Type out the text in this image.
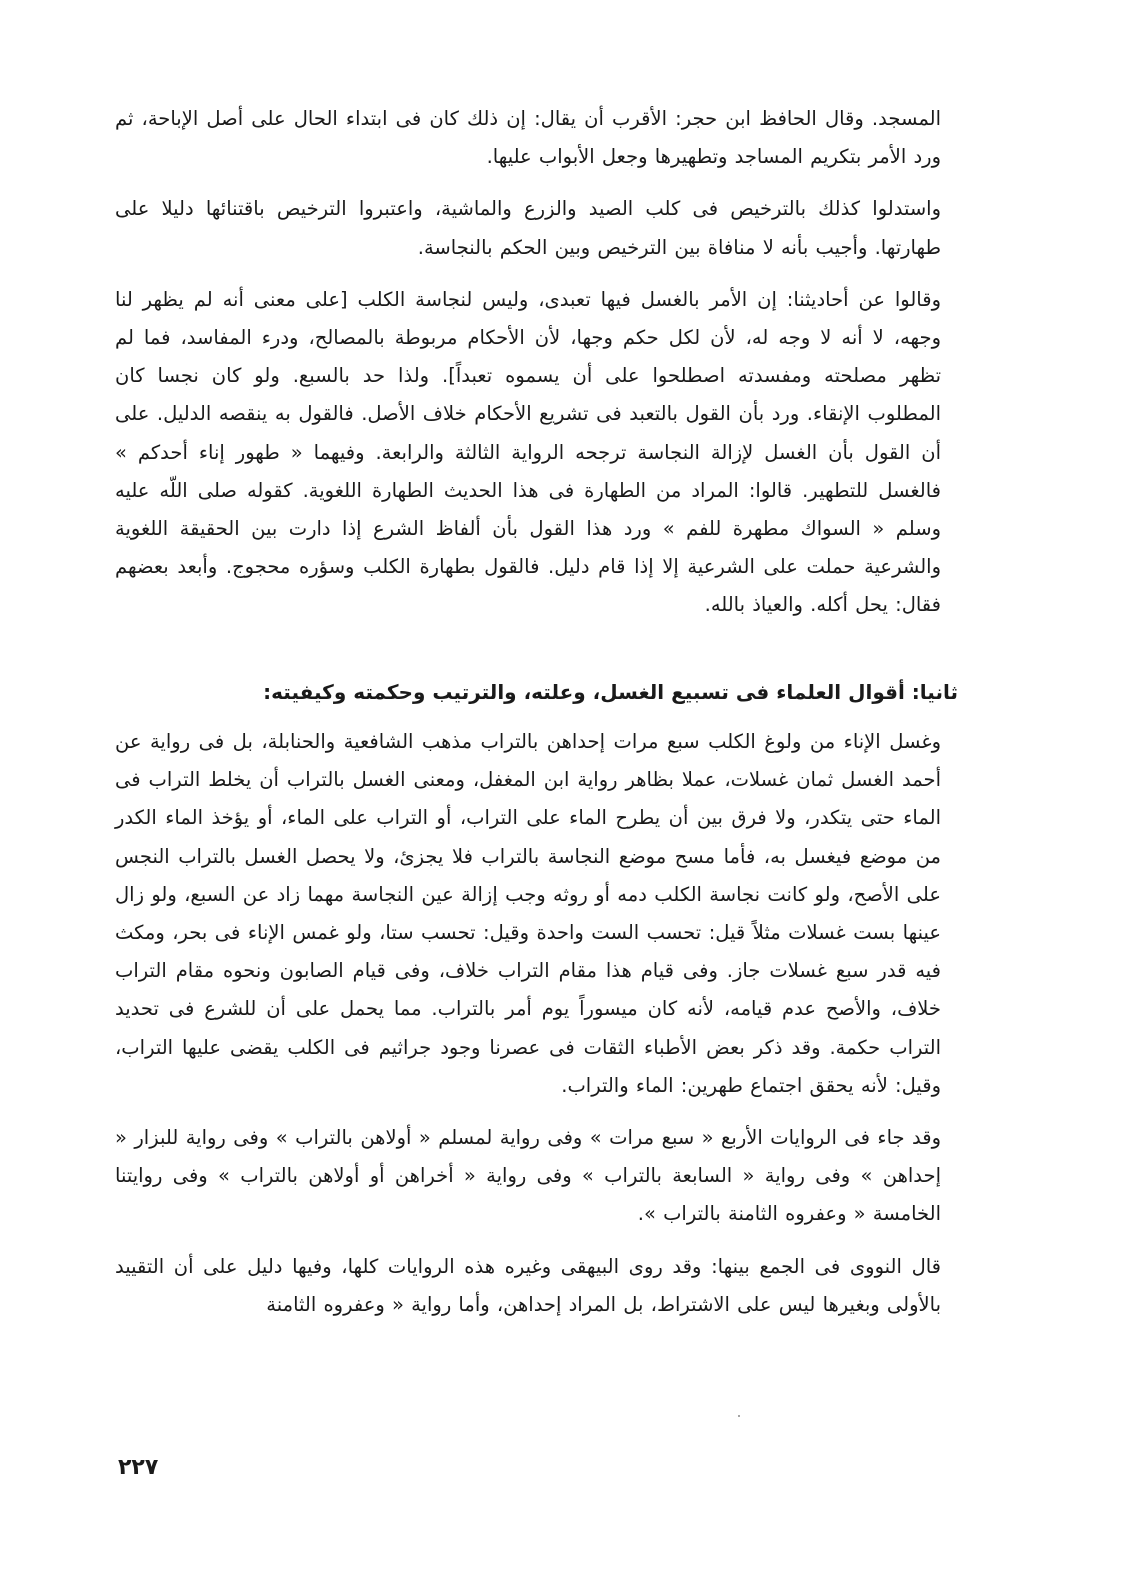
المسجد. وقال الحافظ ابن حجر: الأقرب أن يقال: إن ذلك كان فى ابتداء الحال على أصل الإباحة، ثم ورد الأمر بتكريم المساجد وتطهيرها وجعل الأبواب عليها.

واستدلوا كذلك بالترخيص فى كلب الصيد والزرع والماشية، واعتبروا الترخيص باقتنائها دليلا على طهارتها. وأجيب بأنه لا منافاة بين الترخيص وبين الحكم بالنجاسة.

وقالوا عن أحاديثنا: إن الأمر بالغسل فيها تعبدى، وليس لنجاسة الكلب [على معنى أنه لم يظهر لنا وجهه، لا أنه لا وجه له، لأن لكل حكم وجها، لأن الأحكام مربوطة بالمصالح، ودرء المفاسد، فما لم تظهر مصلحته ومفسدته اصطلحوا على أن يسموه تعبداً]. ولذا حد بالسبع. ولو كان نجسا كان المطلوب الإنقاء. ورد بأن القول بالتعبد فى تشريع الأحكام خلاف الأصل. فالقول به ينقصه الدليل. على أن القول بأن الغسل لإزالة النجاسة ترجحه الرواية الثالثة والرابعة. وفيهما « طهور إناء أحدكم » فالغسل للتطهير. قالوا: المراد من الطهارة فى هذا الحديث الطهارة اللغوية. كقوله صلى اللّه عليه وسلم « السواك مطهرة للفم » ورد هذا القول بأن ألفاظ الشرع إذا دارت بين الحقيقة اللغوية والشرعية حملت على الشرعية إلا إذا قام دليل. فالقول بطهارة الكلب وسؤره محجوج. وأبعد بعضهم فقال: يحل أكله. والعياذ بالله.

ثانيا: أقوال العلماء فى تسبيع الغسل، وعلته، والترتيب وحكمته وكيفيته:

وغسل الإناء من ولوغ الكلب سبع مرات إحداهن بالتراب مذهب الشافعية والحنابلة، بل فى رواية عن أحمد الغسل ثمان غسلات، عملا بظاهر رواية ابن المغفل، ومعنى الغسل بالتراب أن يخلط التراب فى الماء حتى يتكدر، ولا فرق بين أن يطرح الماء على التراب، أو التراب على الماء، أو يؤخذ الماء الكدر من موضع فيغسل به، فأما مسح موضع النجاسة بالتراب فلا يجزئ، ولا يحصل الغسل بالتراب النجس على الأصح، ولو كانت نجاسة الكلب دمه أو روثه وجب إزالة عين النجاسة مهما زاد عن السبع، ولو زال عينها بست غسلات مثلاً قيل: تحسب الست واحدة وقيل: تحسب ستا، ولو غمس الإناء فى بحر، ومكث فيه قدر سبع غسلات جاز. وفى قيام هذا مقام التراب خلاف، وفى قيام الصابون ونحوه مقام التراب خلاف، والأصح عدم قيامه، لأنه كان ميسوراً يوم أمر بالتراب. مما يحمل على أن للشرع فى تحديد التراب حكمة. وقد ذكر بعض الأطباء الثقات فى عصرنا وجود جراثيم فى الكلب يقضى عليها التراب، وقيل: لأنه يحقق اجتماع طهرين: الماء والتراب.

وقد جاء فى الروايات الأربع « سبع مرات » وفى رواية لمسلم « أولاهن بالتراب » وفى رواية للبزار « إحداهن » وفى رواية « السابعة بالتراب » وفى رواية « أخراهن أو أولاهن بالتراب » وفى روايتنا الخامسة « وعفروه الثامنة بالتراب ».

قال النووى فى الجمع بينها: وقد روى البيهقى وغيره هذه الروايات كلها، وفيها دليل على أن التقييد بالأولى وبغيرها ليس على الاشتراط، بل المراد إحداهن، وأما رواية « وعفروه الثامنة

٢٢٧
